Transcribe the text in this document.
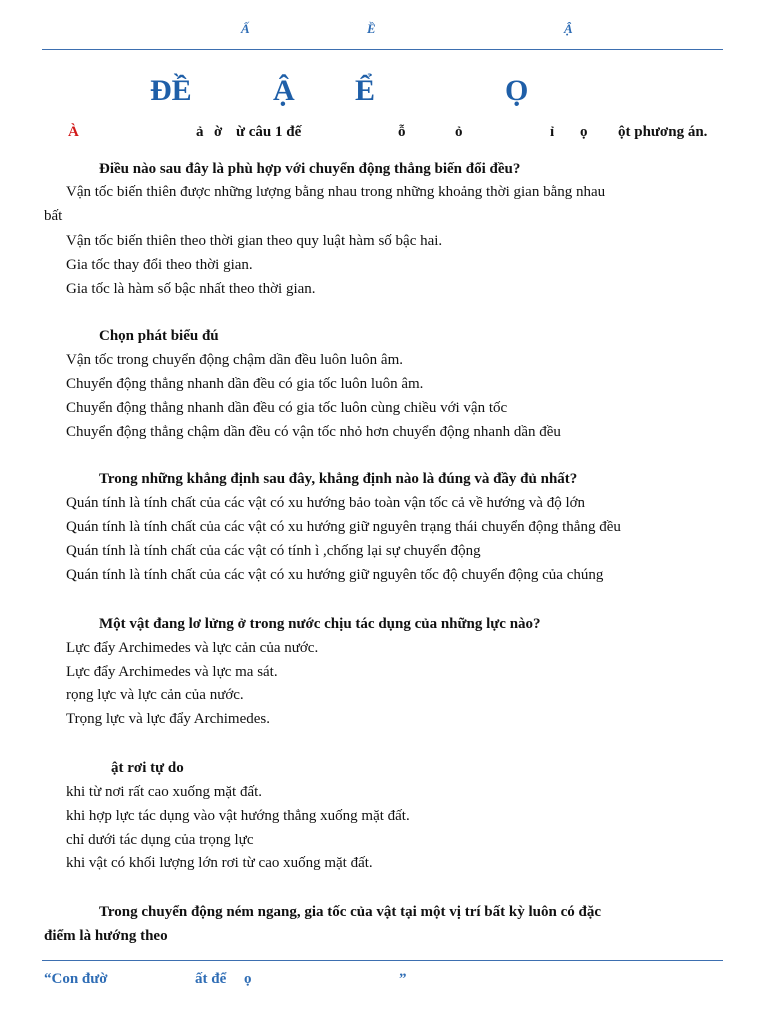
Ấ	Ề	Ậ
ĐỀ	Ậ Ể	Ọ
À	ả ờ ừ câu 1 đế	ỗ	ỏ	ỉ ọ ột phương án.
Điều nào sau đây là phù hợp với chuyển động thẳng biến đổi đều?
Vận tốc biến thiên được những lượng bằng nhau trong những khoảng thời gian bằng nhau
bất
Vận tốc biến thiên theo thời gian theo quy luật hàm số bậc hai.
Gia tốc thay đổi theo thời gian.
Gia tốc là hàm số bậc nhất theo thời gian.
Chọn phát biểu đú
Vận tốc trong chuyển động chậm dần đều luôn luôn âm.
Chuyển động thẳng nhanh dần đều có gia tốc luôn luôn âm.
Chuyển động thẳng nhanh dần đều có gia tốc luôn cùng chiều với vận tốc
Chuyển động thẳng chậm dần đều có vận tốc nhỏ hơn chuyển động nhanh dần đều
Trong những khẳng định sau đây, khẳng định nào là đúng và đầy đủ nhất?
Quán tính là tính chất của các vật có xu hướng bảo toàn vận tốc cả về hướng và độ lớn
Quán tính là tính chất của các vật có xu hướng giữ nguyên trạng thái chuyển động thẳng đều
Quán tính là tính chất của các vật có tính ì ,chống lại sự chuyển động
Quán tính là tính chất của các vật có xu hướng giữ nguyên tốc độ chuyển động của chúng
Một vật đang lơ lửng ở trong nước chịu tác dụng của những lực nào?
Lực đẩy Archimedes và lực cản của nước.
Lực đẩy Archimedes và lực ma sát.
rọng lực và lực cản của nước.
Trọng lực và lực đẩy Archimedes.
ật rơi tự do
khi từ nơi rất cao xuống mặt đất.
khi hợp lực tác dụng vào vật hướng thẳng xuống mặt đất.
chỉ dưới tác dụng của trọng lực
khi vật có khối lượng lớn rơi từ cao xuống mặt đất.
Trong chuyển động ném ngang, gia tốc của vật tại một vị trí bất kỳ luôn có đặc
điểm là hướng theo
“Con đườ	ất để ọ	”
